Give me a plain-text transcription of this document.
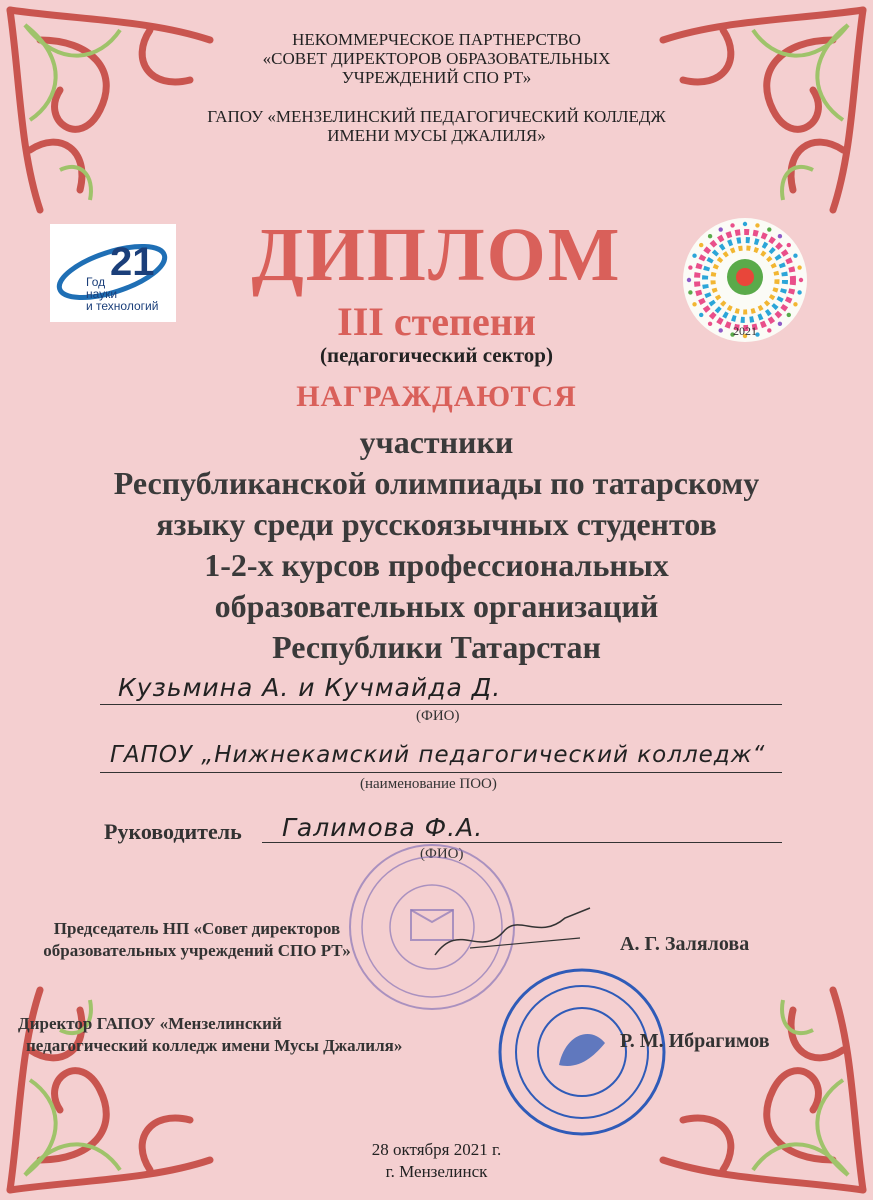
НЕКОММЕРЧЕСКОЕ ПАРТНЕРСТВО
«СОВЕТ ДИРЕКТОРОВ ОБРАЗОВАТЕЛЬНЫХ
УЧРЕЖДЕНИЙ СПО РТ»
ГАПОУ «МЕНЗЕЛИНСКИЙ ПЕДАГОГИЧЕСКИЙ КОЛЛЕДЖ
ИМЕНИ МУСЫ ДЖАЛИЛЯ»
21
Год
науки
и технологий
2021
ДИПЛОМ
III степени
(педагогический сектор)
НАГРАЖДАЮТСЯ
участники
Республиканской олимпиады по татарскому
языку среди русскоязычных студентов
1-2-х курсов профессиональных
образовательных организаций
Республики Татарстан
Кузьмина А. и Кучмайда Д.
(ФИО)
ГАПОУ „Нижнекамский педагогический колледж“
(наименование ПОО)
Руководитель Галимова Ф.А.
(ФИО)
Председатель НП «Совет директоров
образовательных учреждений СПО РТ»	А. Г. Залялова
Директор ГАПОУ «Мензелинский
педагогический колледж имени Мусы Джалиля»	Р. М. Ибрагимов
28 октября 2021 г.
г. Мензелинск
